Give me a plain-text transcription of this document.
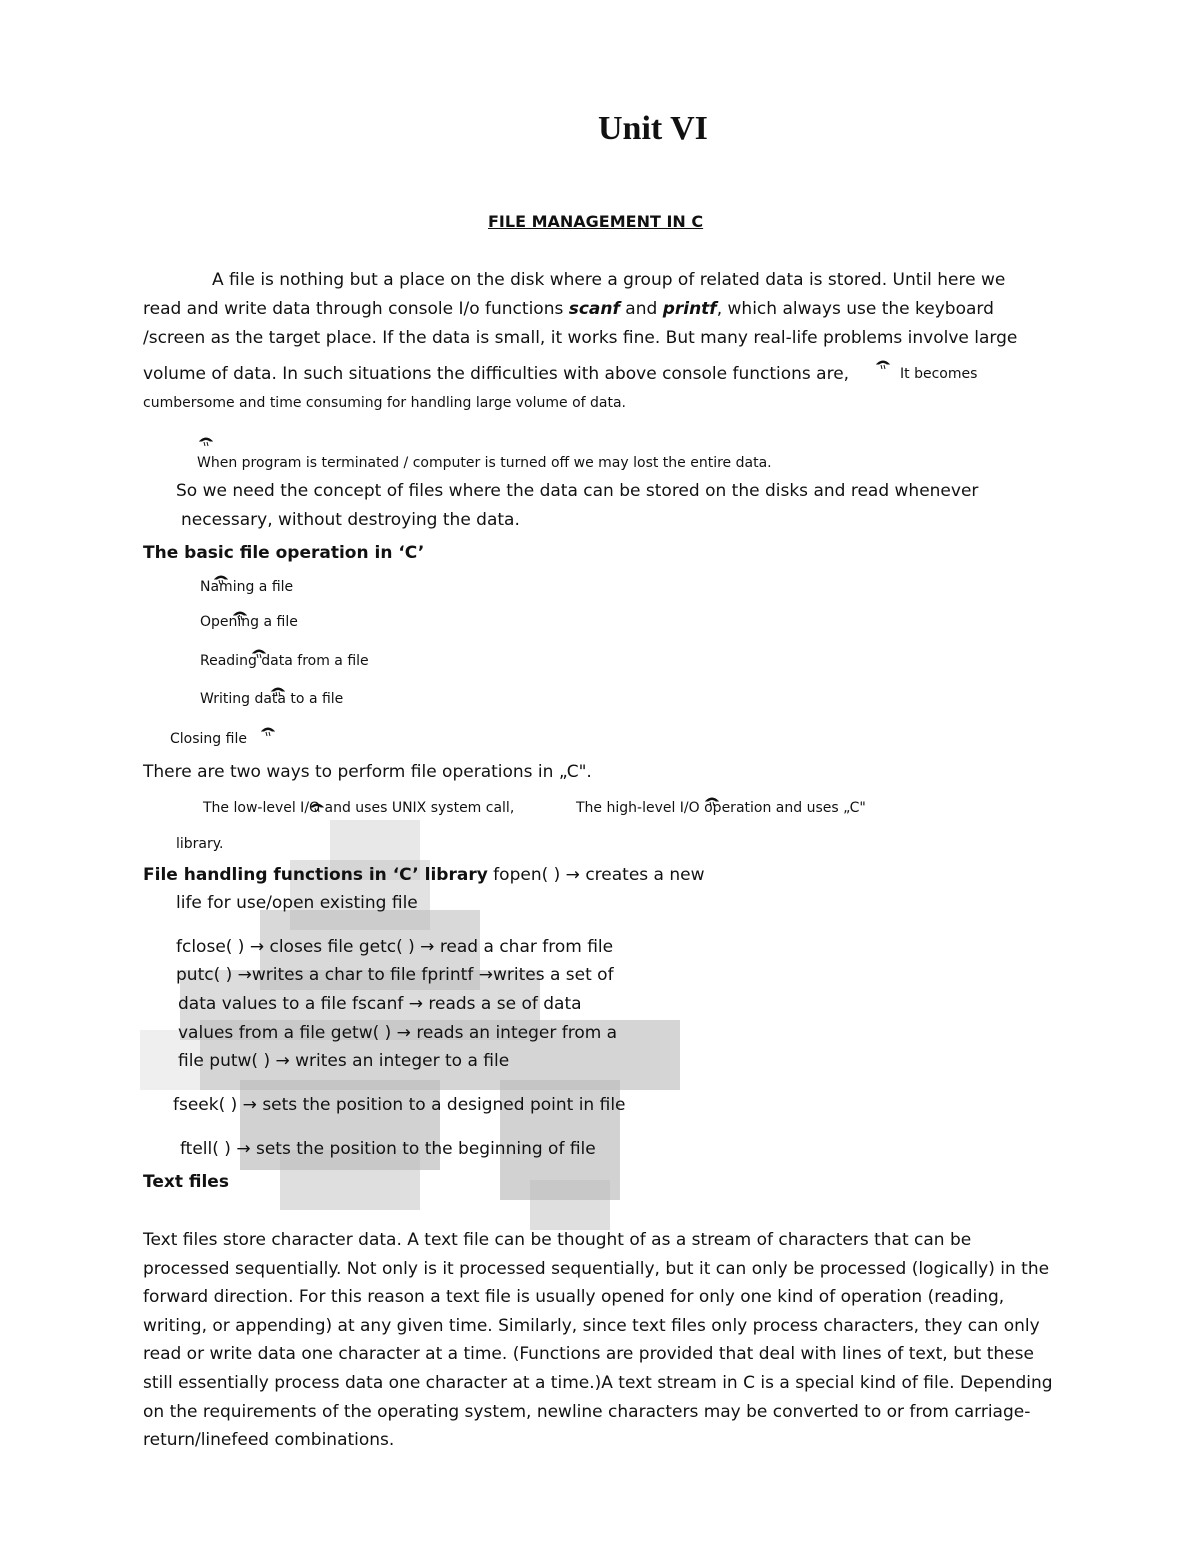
Unit VI
FILE MANAGEMENT IN C
A file is nothing but a place on the disk where a group of related data is stored. Until here we
read and write data through console I/o functions scanf and printf, which always use the keyboard
/screen as the target place. If the data is small, it works fine. But many real-life problems involve large
volume of data. In such situations the difficulties with above console functions are,
	It becomes
cumbersome and time consuming for handling large volume of data.

When program is terminated / computer is turned off we may lost the entire data.
So we need the concept of files where the data can be stored on the disks and read whenever
necessary, without destroying the data.
The basic file operation in ‘C’

Naming a file

Opening a file

Reading data from a file

Writing data to a file

Closing file
There are two ways to perform file operations in „C".

The low-level I/O and uses UNIX system call,	The high-level I/O operation and uses „C"
library.
File handling functions in ‘C’ library fopen( ) → creates a new
life for use/open existing file
fclose( ) → closes file getc( ) → read a char from file
putc( ) →writes a char to file fprintf →writes a set of
data values to a file fscanf → reads a se of data
values from a file getw( ) → reads an integer from a
file putw( ) → writes an integer to a file
fseek( ) → sets the position to a designed point in file
ftell( ) → sets the position to the beginning of file
Text files
Text files store character data. A text file can be thought of as a stream of characters that can be processed sequentially. Not only is it processed sequentially, but it can only be processed (logically) in the forward direction. For this reason a text file is usually opened for only one kind of operation (reading, writing, or appending) at any given time. Similarly, since text files only process characters, they can only read or write data one character at a time. (Functions are provided that deal with lines of text, but these still essentially process data one character at a time.)A text stream in C is a special kind of file. Depending on the requirements of the operating system, newline characters may be converted to or from carriage-return/linefeed combinations.
